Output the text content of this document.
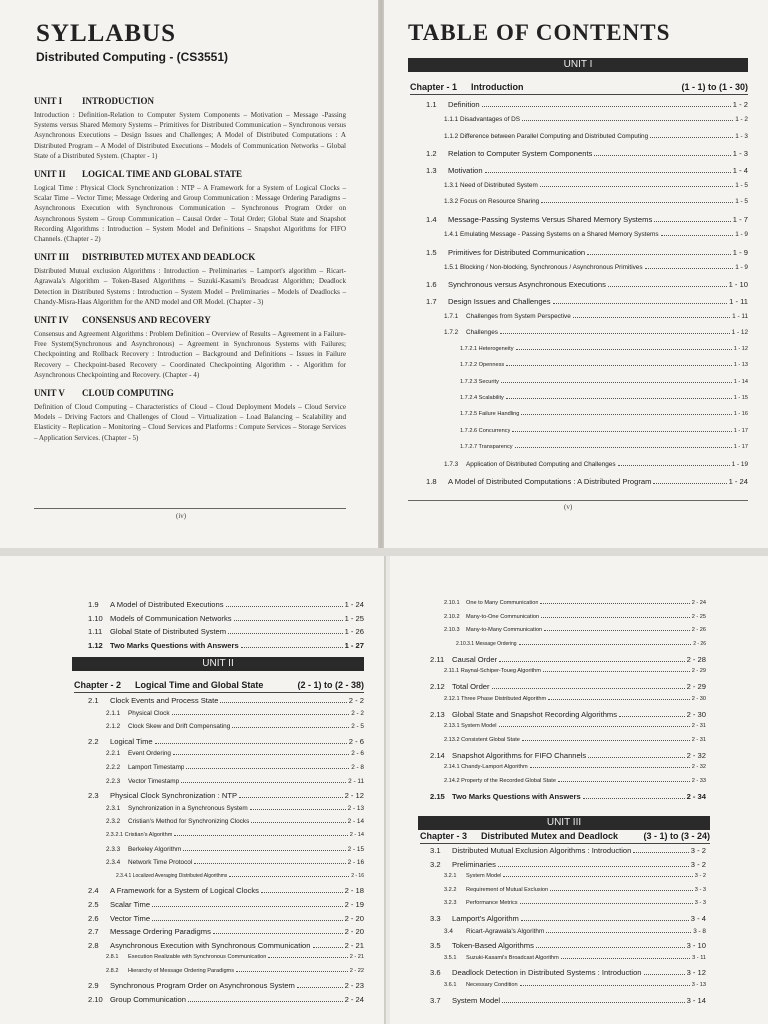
SYLLABUS
Distributed Computing - (CS3551)
UNIT I	INTRODUCTION
Introduction : Definition-Relation to Computer System Components – Motivation – Message -Passing Systems versus Shared Memory Systems – Primitives for Distributed Communication – Synchronous versus Asynchronous Executions – Design Issues and Challenges; A Model of Distributed Computations : A Distributed Program – A Model of Distributed Executions – Models of Communication Networks – Global State of a Distributed System. (Chapter - 1)
UNIT II	LOGICAL TIME AND GLOBAL STATE
Logical Time : Physical Clock Synchronization : NTP – A Framework for a System of Logical Clocks – Scalar Time – Vector Time; Message Ordering and Group Communication : Message Ordering Paradigms – Asynchronous Execution with Synchronous Communication – Synchronous Program Order on Asynchronous System – Group Communication – Causal Order – Total Order; Global State and Snapshot Recording Algorithms : Introduction – System Model and Definitions – Snapshot Algorithms for FIFO Channels. (Chapter - 2)
UNIT III	DISTRIBUTED MUTEX AND DEADLOCK
Distributed Mutual exclusion Algorithms : Introduction – Preliminaries – Lamport's algorithm – Ricart-Agrawala's Algorithm – Token-Based Algorithms – Suzuki-Kasami's Broadcast Algorithm; Deadlock Detection in Distributed Systems : Introduction – System Model – Preliminaries – Models of Deadlocks – Chandy-Misra-Haas Algorithm for the AND model and OR Model. (Chapter - 3)
UNIT IV	CONSENSUS AND RECOVERY
Consensus and Agreement Algorithms : Problem Definition – Overview of Results – Agreement in a Failure-Free System(Synchronous and Asynchronous) – Agreement in Synchronous Systems with Failures; Checkpointing and Rollback Recovery : Introduction – Background and Definitions – Issues in Failure Recovery – Checkpoint-based Recovery – Coordinated Checkpointing Algorithm - - Algorithm for Asynchronous Checkpointing and Recovery. (Chapter - 4)
UNIT V	CLOUD COMPUTING
Definition of Cloud Computing – Characteristics of Cloud – Cloud Deployment Models – Cloud Service Models – Driving Factors and Challenges of Cloud – Virtualization – Load Balancing – Scalability and Elasticity – Replication – Monitoring – Cloud Services and Platforms : Compute Services – Storage Services – Application Services. (Chapter - 5)
(iv)
TABLE OF CONTENTS
UNIT I
Chapter - 1 Introduction	(1 - 1) to (1 - 30)
1.1	Definition	1 - 2
1.1.1 Disadvantages of DS	1 - 2
1.1.2 Difference between Parallel Computing and Distributed Computing	1 - 3
1.2	Relation to Computer System Components	1 - 3
1.3	Motivation	1 - 4
1.3.1 Need of Distributed System	1 - 5
1.3.2 Focus on Resource Sharing	1 - 5
1.4	Message-Passing Systems Versus Shared Memory Systems	1 - 7
1.4.1 Emulating Message - Passing Systems on a Shared Memory Systems	1 - 9
1.5	Primitives for Distributed Communication	1 - 9
1.5.1 Blocking / Non-blocking, Synchronous / Asynchronous Primitives	1 - 9
1.6	Synchronous versus Asynchronous Executions	1 - 10
1.7	Design Issues and Challenges	1 - 11
1.7.1	Challenges from System Perspective	1 - 11
1.7.2	Challenges	1 - 12
1.7.2.1 Heterogeneity	1 - 12
1.7.2.2 Openness	1 - 13
1.7.2.3 Security	1 - 14
1.7.2.4 Scalability	1 - 15
1.7.2.5 Failure Handling	1 - 16
1.7.2.6 Concurrency	1 - 17
1.7.2.7 Transparency	1 - 17
1.7.3	Application of Distributed Computing and Challenges	1 - 19
1.8	A Model of Distributed Computations : A Distributed Program	1 - 24
(v)
1.9	A Model of Distributed Executions	1 - 24
1.10 Models of Communication Networks	1 - 25
1.11	Global State of Distributed System	1 - 26
1.12 Two Marks Questions with Answers	1 - 27
UNIT II
Chapter - 2 Logical Time and Global State	(2 - 1) to (2 - 38)
2.1	Clock Events and Process State	2 - 2
2.1.1	Physical Clock	2 - 2
2.1.2	Clock Skew and Drift Compensating	2 - 5
2.2	Logical Time	2 - 6
2.2.1	Event Ordering	2 - 6
2.2.2	Lamport Timestamp	2 - 8
2.2.3	Vector Timestamp	2 - 11
2.3	Physical Clock Synchronization : NTP	2 - 12
2.3.1	Synchronization in a Synchronous System	2 - 13
2.3.2	Cristian's Method for Synchronizing Clocks	2 - 14
2.3.2.1 Cristian's Algorithm	2 - 14
2.3.3	Berkeley Algorithm	2 - 15
2.3.4	Network Time Protocol	2 - 16
2.3.4.1 Localized Averaging Distributed Algorithms	2 - 16
2.4	A Framework for a System of Logical Clocks	2 - 18
2.5	Scalar Time	2 - 19
2.6	Vector Time	2 - 20
2.7	Message Ordering Paradigms	2 - 20
2.8	Asynchronous Execution with Synchronous Communication	2 - 21
2.8.1	Execution Realizable with Synchronous Communication	2 - 21
2.8.2	Hierarchy of Message Ordering Paradigms	2 - 22
2.9	Synchronous Program Order on Asynchronous System	2 - 23
2.10 Group Communication	2 - 24
2.10.1	One to Many Communication	2 - 24
2.10.2	Many-to-One Communication	2 - 25
2.10.3	Many-to-Many Communication	2 - 26
2.10.3.1 Message Ordering	2 - 26
2.11	Causal Order	2 - 28
2.11.1 Raynal-Schiper-Toueg Algorithm	2 - 29
2.12 Total Order	2 - 29
2.12.1 Three Phase Distributed Algorithm	2 - 30
2.13 Global State and Snapshot Recording Algorithms	2 - 30
2.13.1 System Model	2 - 31
2.13.2 Consistent Global State	2 - 31
2.14 Snapshot Algorithms for FIFO Channels	2 - 32
2.14.1 Chandy-Lamport Algorithm	2 - 32
2.14.2 Property of the Recorded Global State	2 - 33
2.15 Two Marks Questions with Answers	2 - 34
UNIT III
Chapter - 3 Distributed Mutex and Deadlock	(3 - 1) to (3 - 24)
3.1	Distributed Mutual Exclusion Algorithms : Introduction	3 - 2
3.2	Preliminaries	3 - 2
3.2.1	System Model	3 - 2
3.2.2	Requirement of Mutual Exclusion	3 - 3
3.2.3	Performance Metrics	3 - 3
3.3	Lamport's Algorithm	3 - 4
3.4	Ricart-Agrawala's Algorithm	3 - 8
3.5	Token-Based Algorithms	3 - 10
3.5.1	Suzuki-Kasami's Broadcast Algorithm	3 - 11
3.6	Deadlock Detection in Distributed Systems : Introduction	3 - 12
3.6.1	Necessary Condition	3 - 13
3.7	System Model	3 - 14
